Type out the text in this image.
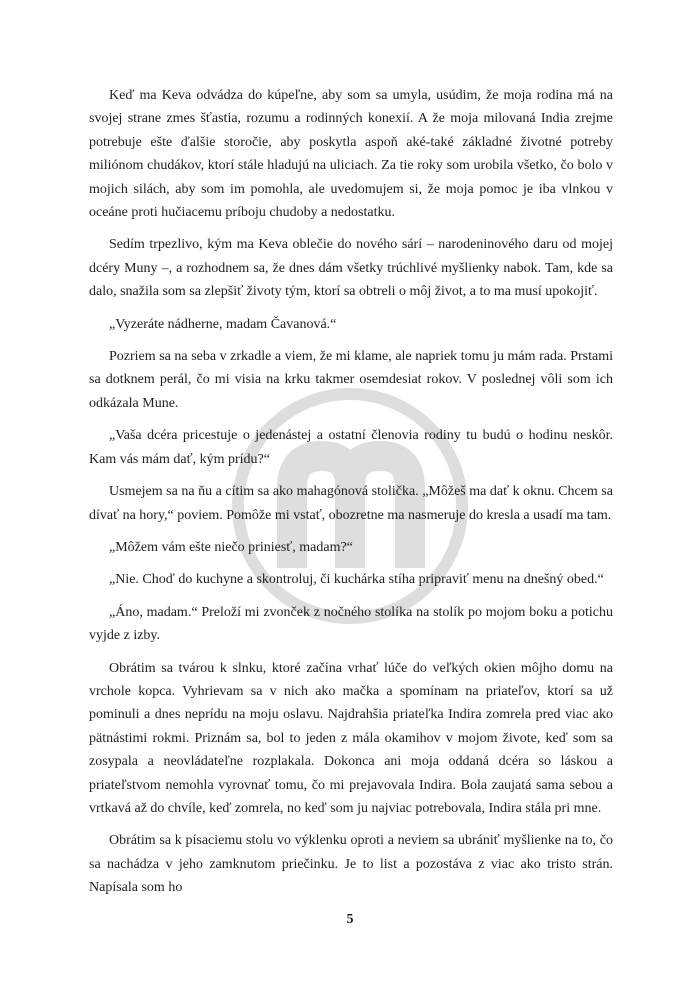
Keď ma Keva odvádza do kúpeľne, aby som sa umyla, usúdim, že moja rodina má na svojej strane zmes šťastia, rozumu a rodinných konexií. A že moja milovaná India zrejme potrebuje ešte ďalšie storočie, aby poskytla aspoň aké-také základné životné potreby miliónom chudákov, ktorí stále hladujú na uliciach. Za tie roky som urobila všetko, čo bolo v mojich silách, aby som im pomohla, ale uvedomujem si, že moja pomoc je iba vlnkou v oceáne proti hučiacemu príboju chudoby a nedostatku.

Sedím trpezlivo, kým ma Keva oblečie do nového sárí – narodeninového daru od mojej dcéry Muny –, a rozhodnem sa, že dnes dám všetky trúchlivé myšlienky nabok. Tam, kde sa dalo, snažila som sa zlepšiť životy tým, ktorí sa obtreli o môj život, a to ma musí upokojiť.

„Vyzeráte nádherne, madam Čavanová.“

Pozriem sa na seba v zrkadle a viem, že mi klame, ale napriek tomu ju mám rada. Prstami sa dotknem perál, čo mi visia na krku takmer osemdesiat rokov. V poslednej vôli som ich odkázala Mune.

„Vaša dcéra pricestuje o jedenástej a ostatní členovia rodiny tu budú o hodinu neskôr. Kam vás mám dať, kým prídu?“

Usmejem sa na ňu a cítim sa ako mahagónová stolička. „Môžeš ma dať k oknu. Chcem sa dívať na hory,“ poviem. Pomôže mi vstať, obozretne ma nasmeruje do kresla a usadí ma tam.

„Môžem vám ešte niečo priniesť, madam?“

„Nie. Choď do kuchyne a skontroluj, či kuchárka stíha pripraviť menu na dnešný obed.“

„Áno, madam.“ Preloží mi zvonček z nočného stolíka na stolík po mojom boku a potichu vyjde z izby.

Obrátim sa tvárou k slnku, ktoré začína vrhať lúče do veľkých okien môjho domu na vrchole kopca. Vyhrievam sa v nich ako mačka a spomínam na priateľov, ktorí sa už pominuli a dnes neprídu na moju oslavu. Najdrahšia priateľka Indira zomrela pred viac ako pätnástimi rokmi. Priznám sa, bol to jeden z mála okamihov v mojom živote, keď som sa zosypala a neovládateľne rozplakala. Dokonca ani moja oddaná dcéra so láskou a priateľstvom nemohla vyrovnať tomu, čo mi prejavovala Indira. Bola zaujatá sama sebou a vrtkavá až do chvíle, keď zomrela, no keď som ju najviac potrebovala, Indira stála pri mne.

Obrátim sa k písaciemu stolu vo výklenku oproti a neviem sa ubrániť myšlienke na to, čo sa nachádza v jeho zamknutom priečinku. Je to list a pozostáva z viac ako tristo strán. Napísala som ho

m
5
